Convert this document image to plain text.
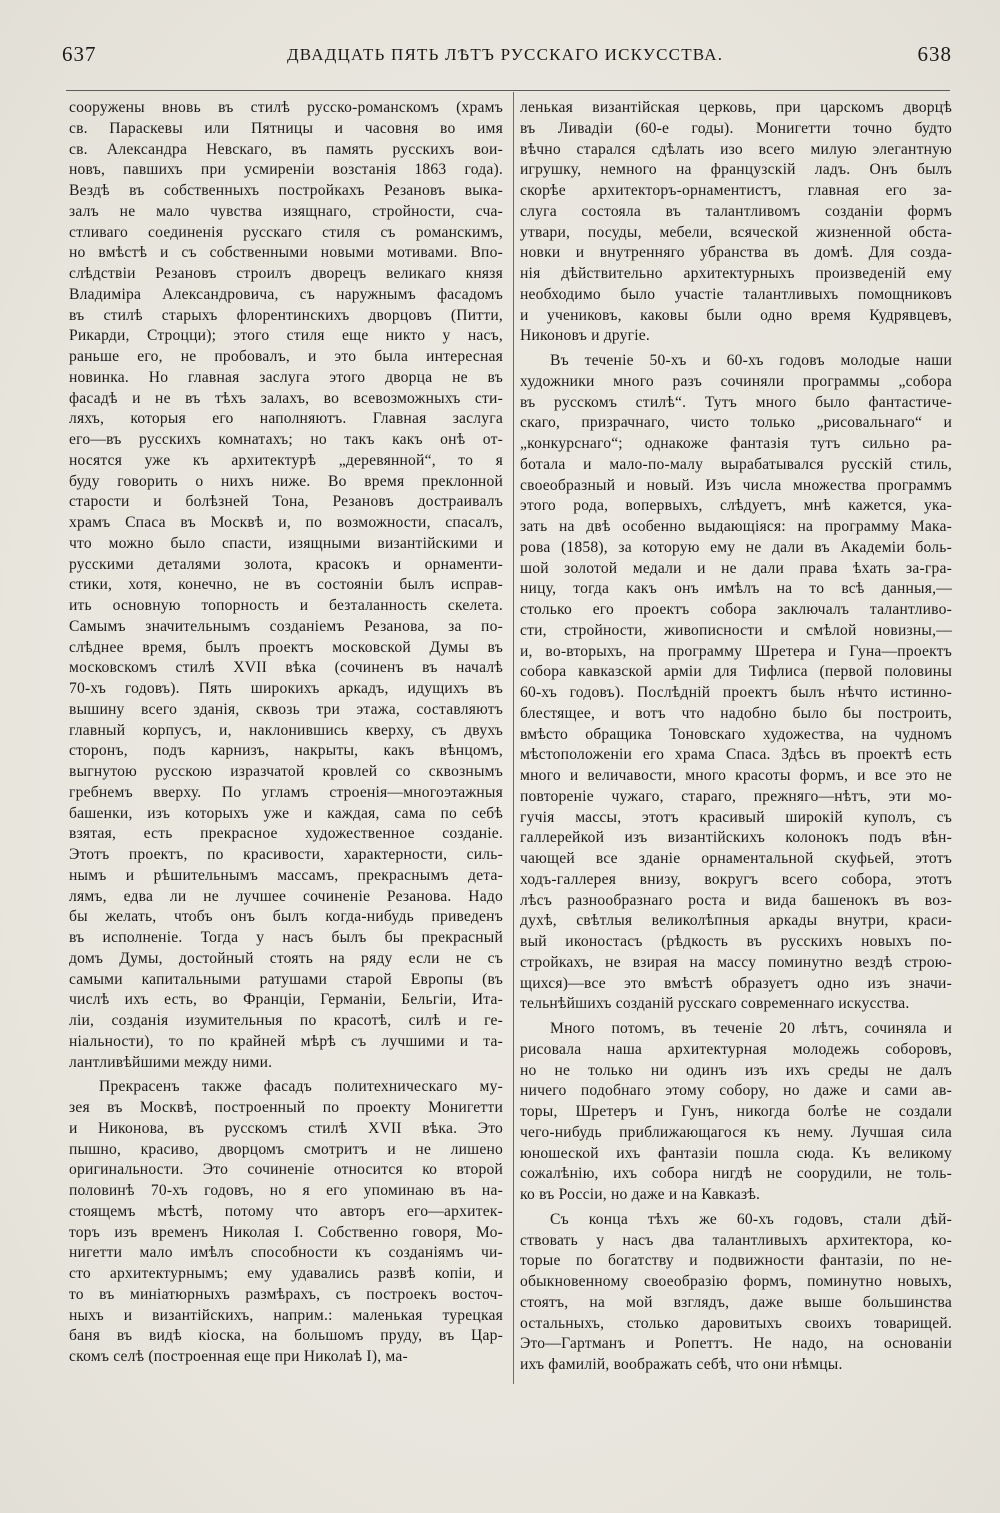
637	ДВАДЦАТЬ ПЯТЬ ЛѢТЪ РУССКАГО ИСКУССТВА.	638
сооружены вновь въ стилѣ русско-романскомъ (храмъ
св. Параскевы или Пятницы и часовня во имя
св. Александра Невскаго, въ память русскихъ вои-
новъ, павшихъ при усмиреніи возстанія 1863 года).
Вездѣ въ собственныхъ постройкахъ Резановъ выка-
залъ не мало чувства изящнаго, стройности, сча-
стливаго соединенія русскаго стиля съ романскимъ,
но вмѣстѣ и съ собственными новыми мотивами. Впо-
слѣдствіи Резановъ строилъ дворецъ великаго князя
Владиміра Александровича, съ наружнымъ фасадомъ
въ стилѣ старыхъ флорентинскихъ дворцовъ (Питти,
Рикарди, Строцци); этого стиля еще никто у насъ,
раньше его, не пробовалъ, и это была интересная
новинка. Но главная заслуга этого дворца не въ
фасадѣ и не въ тѣхъ залахъ, во всевозможныхъ сти-
ляхъ, которыя его наполняютъ. Главная заслуга
его—въ русскихъ комнатахъ; но такъ какъ онѣ от-
носятся уже къ архитектурѣ „деревянной“, то я
буду говорить о нихъ ниже. Во время преклонной
старости и болѣзней Тона, Резановъ достраивалъ
храмъ Спаса въ Москвѣ и, по возможности, спасалъ,
что можно было спасти, изящными византійскими и
русскими деталями золота, красокъ и орнаменти-
стики, хотя, конечно, не въ состояніи былъ исправ-
ить основную топорность и безталанность скелета.
Самымъ значительнымъ созданіемъ Резанова, за по-
слѣднее время, былъ проектъ московской Думы въ
московскомъ стилѣ XVII вѣка (сочиненъ въ началѣ
70-хъ годовъ). Пять широкихъ аркадъ, идущихъ въ
вышину всего зданія, сквозь три этажа, составляютъ
главный корпусъ, и, наклонившись кверху, съ двухъ
сторонъ, подъ карнизъ, накрыты, какъ вѣнцомъ,
выгнутою русскою изразчатой кровлей со сквознымъ
гребнемъ вверху. По угламъ строенія—многоэтажныя
башенки, изъ которыхъ уже и каждая, сама по себѣ
взятая, есть прекрасное художественное созданіе.
Этотъ проектъ, по красивости, характерности, силь-
нымъ и рѣшительнымъ массамъ, прекраснымъ дета-
лямъ, едва ли не лучшее сочиненіе Резанова. Надо
бы желать, чтобъ онъ былъ когда-нибудь приведенъ
въ исполненіе. Тогда у насъ былъ бы прекрасный
домъ Думы, достойный стоять на ряду если не съ
самыми капитальными ратушами старой Европы (въ
числѣ ихъ есть, во Франціи, Германіи, Бельгіи, Ита-
ліи, созданія изумительныя по красотѣ, силѣ и ге-
ніальности), то по крайней мѣрѣ съ лучшими и та-
лантливѣйшими между ними.
Прекрасенъ также фасадъ политехническаго му-
зея въ Москвѣ, построенный по проекту Монигетти
и Никонова, въ русскомъ стилѣ XVII вѣка. Это
пышно, красиво, дворцомъ смотритъ и не лишено
оригинальности. Это сочиненіе относится ко второй
половинѣ 70-хъ годовъ, но я его упоминаю въ на-
стоящемъ мѣстѣ, потому что авторъ его—архитек-
торъ изъ временъ Николая I. Собственно говоря, Мо-
нигетти мало имѣлъ способности къ созданіямъ чи-
сто архитектурнымъ; ему удавались развѣ копіи, и
то въ миніатюрныхъ размѣрахъ, съ построекъ восточ-
ныхъ и византійскихъ, наприм.: маленькая турецкая
баня въ видѣ кіоска, на большомъ пруду, въ Цар-
скомъ селѣ (построенная еще при Николаѣ I), ма-
ленькая византійская церковь, при царскомъ дворцѣ
въ Ливадіи (60-е годы). Монигетти точно будто
вѣчно старался сдѣлать изо всего милую элегантную
игрушку, немного на французскій ладъ. Онъ былъ
скорѣе архитекторъ-орнаментистъ, главная его за-
слуга состояла въ талантливомъ созданіи формъ
утвари, посуды, мебели, всяческой жизненной обста-
новки и внутренняго убранства въ домѣ. Для созда-
нія дѣйствительно архитектурныхъ произведеній ему
необходимо было участіе талантливыхъ помощниковъ
и учениковъ, каковы были одно время Кудрявцевъ,
Никоновъ и другіе.
Въ теченіе 50-хъ и 60-хъ годовъ молодые наши
художники много разъ сочиняли программы „собора
въ русскомъ стилѣ“. Тутъ много было фантастиче-
скаго, призрачнаго, чисто только „рисовальнаго“ и
„конкурснаго“; однакоже фантазія тутъ сильно ра-
ботала и мало-по-малу вырабатывался русскій стиль,
своеобразный и новый. Изъ числа множества программъ
этого рода, вопервыхъ, слѣдуетъ, мнѣ кажется, ука-
зать на двѣ особенно выдающіяся: на программу Мака-
рова (1858), за которую ему не дали въ Академіи боль-
шой золотой медали и не дали права ѣхать за-гра-
ницу, тогда какъ онъ имѣлъ на то всѣ данныя,—
столько его проектъ собора заключалъ талантливо-
сти, стройности, живописности и смѣлой новизны,—
и, во-вторыхъ, на программу Шретера и Гуна—проектъ
собора кавказской арміи для Тифлиса (первой половины
60-хъ годовъ). Послѣдній проектъ былъ нѣчто истинно-
блестящее, и вотъ что надобно было бы построить,
вмѣсто обращика Тоновскаго художества, на чудномъ
мѣстоположеніи его храма Спаса. Здѣсь въ проектѣ есть
много и величавости, много красоты формъ, и все это не
повтореніе чужаго, стараго, прежняго—нѣтъ, эти мо-
гучія массы, этотъ красивый широкій куполъ, съ
галлерейкой изъ византійскихъ колонокъ подъ вѣн-
чающей все зданіе орнаментальной скуфьей, этотъ
ходъ-галлерея внизу, вокругъ всего собора, этотъ
лѣсъ разнообразнаго роста и вида башенокъ въ воз-
духѣ, свѣтлыя великолѣпныя аркады внутри, краси-
вый иконостасъ (рѣдкость въ русскихъ новыхъ по-
стройкахъ, не взирая на массу поминутно вездѣ строю-
щихся)—все это вмѣстѣ образуетъ одно изъ значи-
тельнѣйшихъ созданій русскаго современнаго искусства.
Много потомъ, въ теченіе 20 лѣтъ, сочиняла и
рисовала наша архитектурная молодежь соборовъ,
но не только ни одинъ изъ ихъ среды не далъ
ничего подобнаго этому собору, но даже и сами ав-
торы, Шретеръ и Гунъ, никогда болѣе не создали
чего-нибудь приближающагося къ нему. Лучшая сила
юношеской ихъ фантазіи пошла сюда. Къ великому
сожалѣнію, ихъ собора нигдѣ не соорудили, не толь-
ко въ Россіи, но даже и на Кавказѣ.
Съ конца тѣхъ же 60-хъ годовъ, стали дѣй-
ствовать у насъ два талантливыхъ архитектора, ко-
торые по богатству и подвижности фантазіи, по не-
обыкновенному своеобразію формъ, поминутно новыхъ,
стоятъ, на мой взглядъ, даже выше большинства
остальныхъ, столько даровитыхъ своихъ товарищей.
Это—Гартманъ и Ропеттъ. Не надо, на основаніи
ихъ фамилій, воображать себѣ, что они нѣмцы.
